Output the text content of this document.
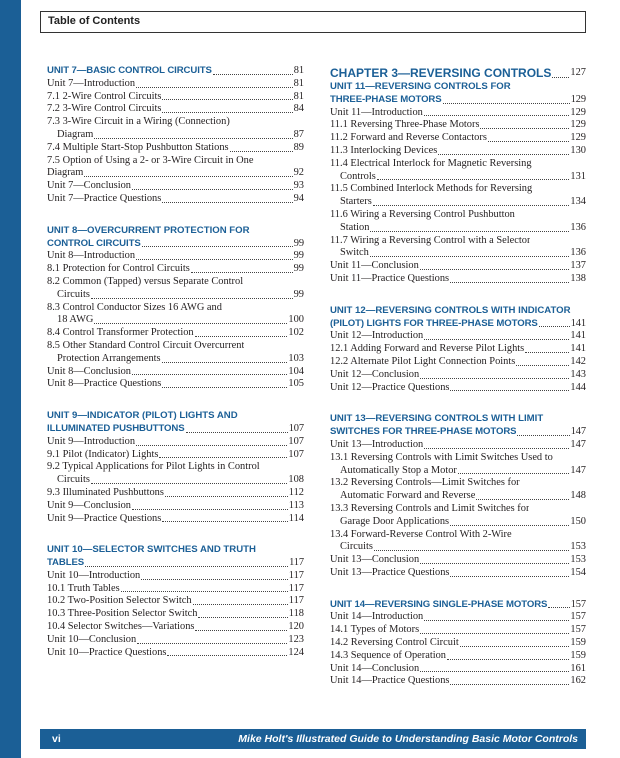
Table of Contents
UNIT 7—BASIC CONTROL CIRCUITS	81
Unit 7—Introduction	81
7.1 2-Wire Control Circuits	81
7.2 3-Wire Control Circuits	84
7.3 3-Wire Circuit in a Wiring (Connection)
Diagram	87
7.4 Multiple Start-Stop Pushbutton Stations	89
7.5 Option of Using a 2- or 3-Wire Circuit in One
Diagram	92
Unit 7—Conclusion	93
Unit 7—Practice Questions	94
UNIT 8—OVERCURRENT PROTECTION FOR
CONTROL CIRCUITS	99
Unit 8—Introduction	99
8.1 Protection for Control Circuits	99
8.2 Common (Tapped) versus Separate Control
Circuits	99
8.3 Control Conductor Sizes 16 AWG and
18 AWG	100
8.4 Control Transformer Protection	102
8.5 Other Standard Control Circuit Overcurrent
Protection Arrangements	103
Unit 8—Conclusion	104
Unit 8—Practice Questions	105
UNIT 9—INDICATOR (PILOT) LIGHTS AND
ILLUMINATED PUSHBUTTONS	107
Unit 9—Introduction	107
9.1 Pilot (Indicator) Lights	107
9.2 Typical Applications for Pilot Lights in Control
Circuits	108
9.3 Illuminated Pushbuttons	112
Unit 9—Conclusion	113
Unit 9—Practice Questions	114
UNIT 10—SELECTOR SWITCHES AND TRUTH
TABLES	117
Unit 10—Introduction	117
10.1 Truth Tables	117
10.2 Two-Position Selector Switch	117
10.3 Three-Position Selector Switch	118
10.4 Selector Switches—Variations	120
Unit 10—Conclusion	123
Unit 10—Practice Questions	124
CHAPTER 3—REVERSING CONTROLS 127
UNIT 11—REVERSING CONTROLS FOR
THREE-PHASE MOTORS	129
Unit 11—Introduction	129
11.1 Reversing Three-Phase Motors	129
11.2 Forward and Reverse Contactors	129
11.3 Interlocking Devices	130
11.4 Electrical Interlock for Magnetic Reversing
Controls	131
11.5 Combined Interlock Methods for Reversing
Starters	134
11.6 Wiring a Reversing Control Pushbutton
Station	136
11.7 Wiring a Reversing Control with a Selector
Switch	136
Unit 11—Conclusion	137
Unit 11—Practice Questions	138
UNIT 12—REVERSING CONTROLS WITH INDICATOR
(PILOT) LIGHTS FOR THREE-PHASE MOTORS	141
Unit 12—Introduction	141
12.1 Adding Forward and Reverse Pilot Lights	141
12.2 Alternate Pilot Light Connection Points	142
Unit 12—Conclusion	143
Unit 12—Practice Questions	144
UNIT 13—REVERSING CONTROLS WITH LIMIT
SWITCHES FOR THREE-PHASE MOTORS	147
Unit 13—Introduction	147
13.1 Reversing Controls with Limit Switches Used to
Automatically Stop a Motor	147
13.2 Reversing Controls—Limit Switches for
Automatic Forward and Reverse	148
13.3 Reversing Controls and Limit Switches for
Garage Door Applications	150
13.4 Forward-Reverse Control With 2-Wire
Circuits	153
Unit 13—Conclusion	153
Unit 13—Practice Questions	154
UNIT 14—REVERSING SINGLE-PHASE MOTORS 157
Unit 14—Introduction	157
14.1 Types of Motors	157
14.2 Reversing Control Circuit	159
14.3 Sequence of Operation	159
Unit 14—Conclusion	161
Unit 14—Practice Questions	162
vi	Mike Holt's Illustrated Guide to Understanding Basic Motor Controls
